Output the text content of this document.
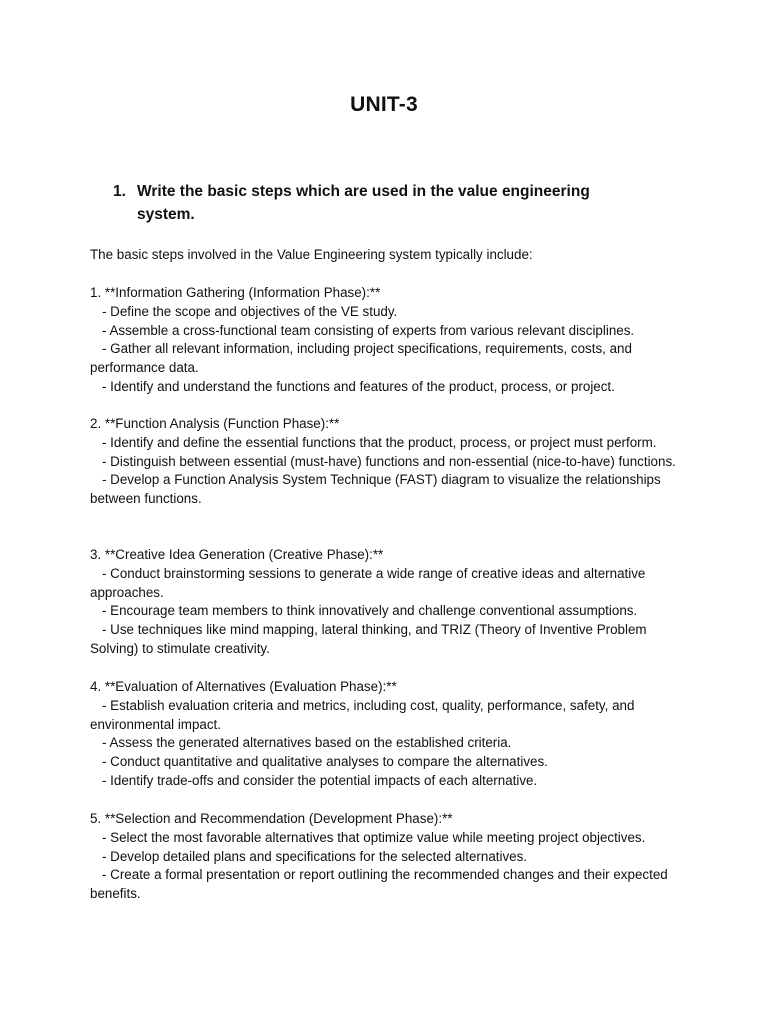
UNIT-3
1. Write the basic steps which are used in the value engineering system.
The basic steps involved in the Value Engineering system typically include:
1. **Information Gathering (Information Phase):**
- Define the scope and objectives of the VE study.
- Assemble a cross-functional team consisting of experts from various relevant disciplines.
- Gather all relevant information, including project specifications, requirements, costs, and performance data.
- Identify and understand the functions and features of the product, process, or project.
2. **Function Analysis (Function Phase):**
- Identify and define the essential functions that the product, process, or project must perform.
- Distinguish between essential (must-have) functions and non-essential (nice-to-have) functions.
- Develop a Function Analysis System Technique (FAST) diagram to visualize the relationships between functions.
3. **Creative Idea Generation (Creative Phase):**
- Conduct brainstorming sessions to generate a wide range of creative ideas and alternative approaches.
- Encourage team members to think innovatively and challenge conventional assumptions.
- Use techniques like mind mapping, lateral thinking, and TRIZ (Theory of Inventive Problem Solving) to stimulate creativity.
4. **Evaluation of Alternatives (Evaluation Phase):**
- Establish evaluation criteria and metrics, including cost, quality, performance, safety, and environmental impact.
- Assess the generated alternatives based on the established criteria.
- Conduct quantitative and qualitative analyses to compare the alternatives.
- Identify trade-offs and consider the potential impacts of each alternative.
5. **Selection and Recommendation (Development Phase):**
- Select the most favorable alternatives that optimize value while meeting project objectives.
- Develop detailed plans and specifications for the selected alternatives.
- Create a formal presentation or report outlining the recommended changes and their expected benefits.
